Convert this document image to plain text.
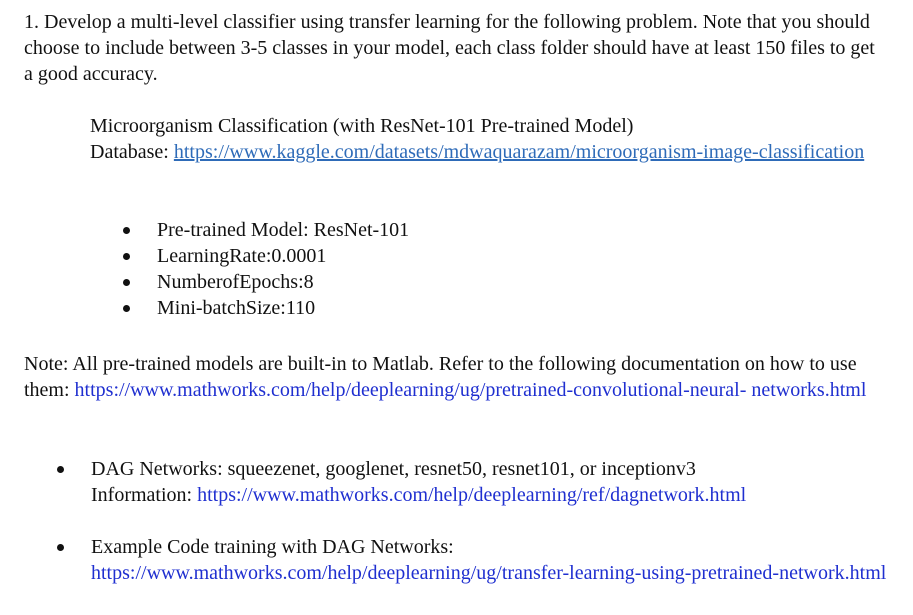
1. Develop a multi-level classifier using transfer learning for the following problem. Note that you should choose to include between 3-5 classes in your model, each class folder should have at least 150 files to get a good accuracy.

Microorganism Classification (with ResNet-101 Pre-trained Model)
Database: https://www.kaggle.com/datasets/mdwaquarazam/microorganism-image-classification
Pre-trained Model: ResNet-101
LearningRate:0.0001
NumberofEpochs:8
Mini-batchSize:110

Note: All pre-trained models are built-in to Matlab. Refer to the following documentation on how to use them: https://www.mathworks.com/help/deeplearning/ug/pretrained-convolutional-neural- networks.html

DAG Networks: squeezenet, googlenet, resnet50, resnet101, or inceptionv3
Information: https://www.mathworks.com/help/deeplearning/ref/dagnetwork.html
Example Code training with DAG Networks:
https://www.mathworks.com/help/deeplearning/ug/transfer-learning-using-pretrained-network.html
